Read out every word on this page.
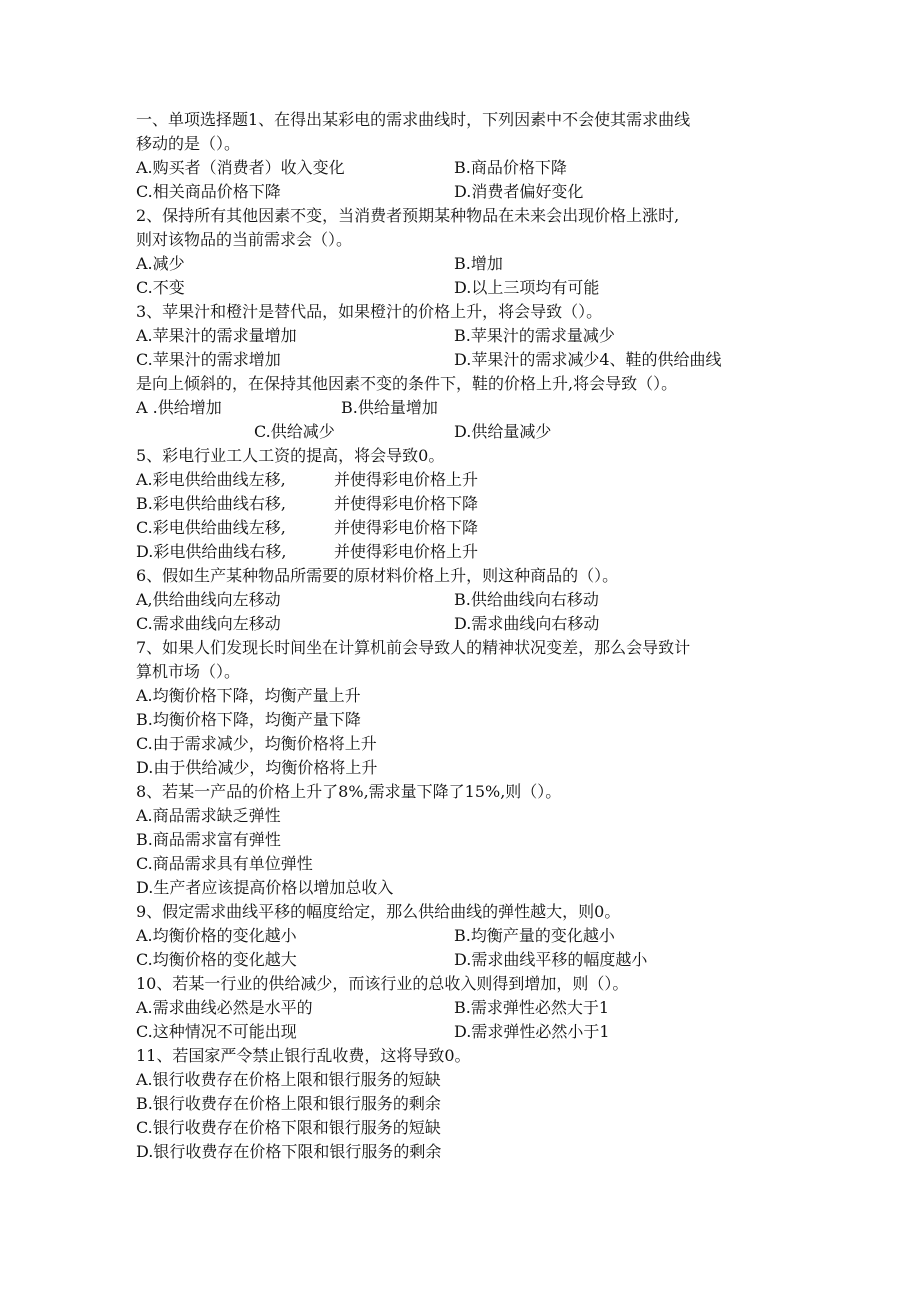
一、单项选择题1、在得出某彩电的需求曲线时，下列因素中不会使其需求曲线
移动的是（）。
A.购买者（消费者）收入变化	B.商品价格下降
C.相关商品价格下降	D.消费者偏好变化
2、保持所有其他因素不变，当消费者预期某种物品在未来会出现价格上涨时,
则对该物品的当前需求会（）。
A.减少	B.增加
C.不变	D.以上三项均有可能
3、苹果汁和橙汁是替代品，如果橙汁的价格上升，将会导致（）。
A.苹果汁的需求量增加	B.苹果汁的需求量减少
C.苹果汁的需求增加	D.苹果汁的需求减少4、鞋的供给曲线
是向上倾斜的，在保持其他因素不变的条件下，鞋的价格上升,将会导致（）。
A .供给增加	B.供给量增加
C.供给减少	D.供给量减少
5、彩电行业工人工资的提高，将会导致0。
A.彩电供给曲线左移,	并使得彩电价格上升
B.彩电供给曲线右移,	并使得彩电价格下降
C.彩电供给曲线左移,	并使得彩电价格下降
D.彩电供给曲线右移,	并使得彩电价格上升
6、假如生产某种物品所需要的原材料价格上升，则这种商品的（）。
A,供给曲线向左移动	B.供给曲线向右移动
C.需求曲线向左移动	D.需求曲线向右移动
7、如果人们发现长时间坐在计算机前会导致人的精神状况变差，那么会导致计
算机市场（）。
A.均衡价格下降，均衡产量上升
B.均衡价格下降，均衡产量下降
C.由于需求减少，均衡价格将上升
D.由于供给减少，均衡价格将上升
8、若某一产品的价格上升了8%,需求量下降了15%,则（）。
A.商品需求缺乏弹性
B.商品需求富有弹性
C.商品需求具有单位弹性
D.生产者应该提高价格以增加总收入
9、假定需求曲线平移的幅度给定，那么供给曲线的弹性越大，则0。
A.均衡价格的变化越小	B.均衡产量的变化越小
C.均衡价格的变化越大	D.需求曲线平移的幅度越小
10、若某一行业的供给减少，而该行业的总收入则得到增加，则（）。
A.需求曲线必然是水平的	B.需求弹性必然大于1
C.这种情况不可能出现	D.需求弹性必然小于1
11、若国家严令禁止银行乱收费，这将导致0。
A.银行收费存在价格上限和银行服务的短缺
B.银行收费存在价格上限和银行服务的剩余
C.银行收费存在价格下限和银行服务的短缺
D.银行收费存在价格下限和银行服务的剩余
